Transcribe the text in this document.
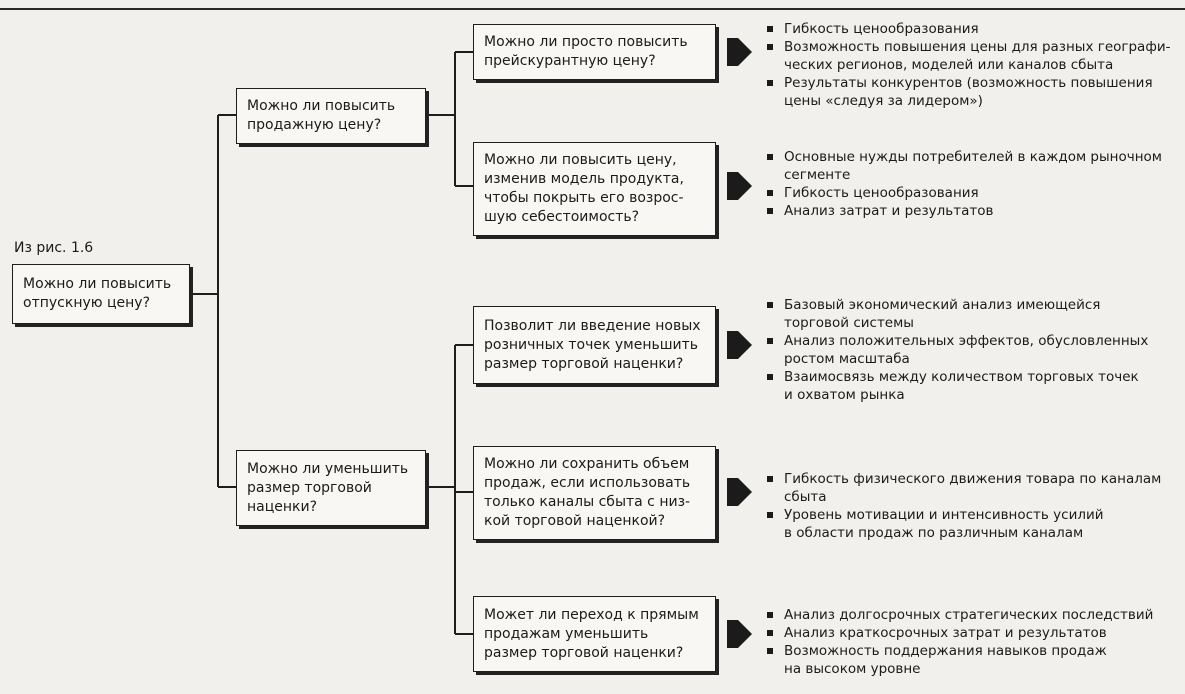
Из рис. 1.6
Можно ли повысить
отпускную цену?
Можно ли повысить
продажную цену?
Можно ли уменьшить
размер торговой
наценки?
Можно ли просто повысить
прейскурантную цену?
Можно ли повысить цену,
изменив модель продукта,
чтобы покрыть его возрос-
шую себестоимость?
Позволит ли введение новых
розничных точек уменьшить
размер торговой наценки?
Можно ли сохранить объем
продаж, если использовать
только каналы сбыта с низ-
кой торговой наценкой?
Может ли переход к прямым
продажам уменьшить
размер торговой наценки?
Гибкость ценообразования
Возможность повышения цены для разных географи-
ческих регионов, моделей или каналов сбыта
Результаты конкурентов (возможность повышения
цены «следуя за лидером»)
Основные нужды потребителей в каждом рыночном
сегменте
Гибкость ценообразования
Анализ затрат и результатов
Базовый экономический анализ имеющейся
торговой системы
Анализ положительных эффектов, обусловленных
ростом масштаба
Взаимосвязь между количеством торговых точек
и охватом рынка
Гибкость физического движения товара по каналам
сбыта
Уровень мотивации и интенсивность усилий
в области продаж по различным каналам
Анализ долгосрочных стратегических последствий
Анализ краткосрочных затрат и результатов
Возможность поддержания навыков продаж
на высоком уровне
